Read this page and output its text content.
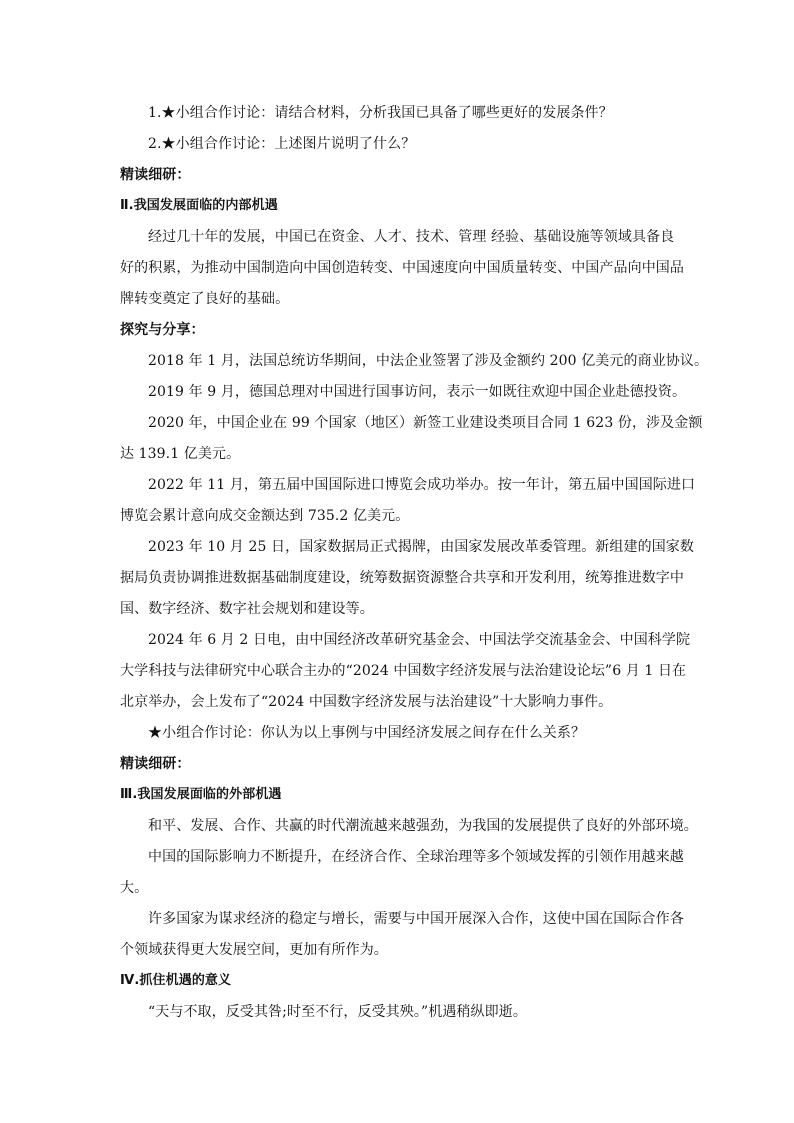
1.★小组合作讨论：请结合材料，分析我国已具备了哪些更好的发展条件？
2.★小组合作讨论：上述图片说明了什么？
精读细研：
Ⅱ.我国发展面临的内部机遇
经过几十年的发展，中国已在资金、人才、技术、管理 经验、基础设施等领域具备良
好的积累，为推动中国制造向中国创造转变、中国速度向中国质量转变、中国产品向中国品
牌转变奠定了良好的基础。
探究与分享：
2018 年 1 月，法国总统访华期间，中法企业签署了涉及金额约 200 亿美元的商业协议。
2019 年 9 月，德国总理对中国进行国事访问，表示一如既往欢迎中国企业赴德投资。
2020 年，中国企业在 99 个国家（地区）新签工业建设类项目合同 1 623 份，涉及金额
达 139.1 亿美元。
2022 年 11 月，第五届中国国际进口博览会成功举办。按一年计，第五届中国国际进口
博览会累计意向成交金额达到 735.2 亿美元。
2023 年 10 月 25 日，国家数据局正式揭牌，由国家发展改革委管理。新组建的国家数
据局负责协调推进数据基础制度建设，统筹数据资源整合共享和开发利用，统筹推进数字中
国、数字经济、数字社会规划和建设等。
2024 年 6 月 2 日电，由中国经济改革研究基金会、中国法学交流基金会、中国科学院
大学科技与法律研究中心联合主办的“2024 中国数字经济发展与法治建设论坛”6 月 1 日在
北京举办，会上发布了“2024 中国数字经济发展与法治建设”十大影响力事件。
★小组合作讨论：你认为以上事例与中国经济发展之间存在什么关系？
精读细研：
Ⅲ.我国发展面临的外部机遇
和平、发展、合作、共赢的时代潮流越来越强劲，为我国的发展提供了良好的外部环境。
中国的国际影响力不断提升，在经济合作、全球治理等多个领域发挥的引领作用越来越
大。
许多国家为谋求经济的稳定与增长，需要与中国开展深入合作，这使中国在国际合作各
个领域获得更大发展空间，更加有所作为。
Ⅳ.抓住机遇的意义
“天与不取，反受其咎;时至不行，反受其殃。”机遇稍纵即逝。
